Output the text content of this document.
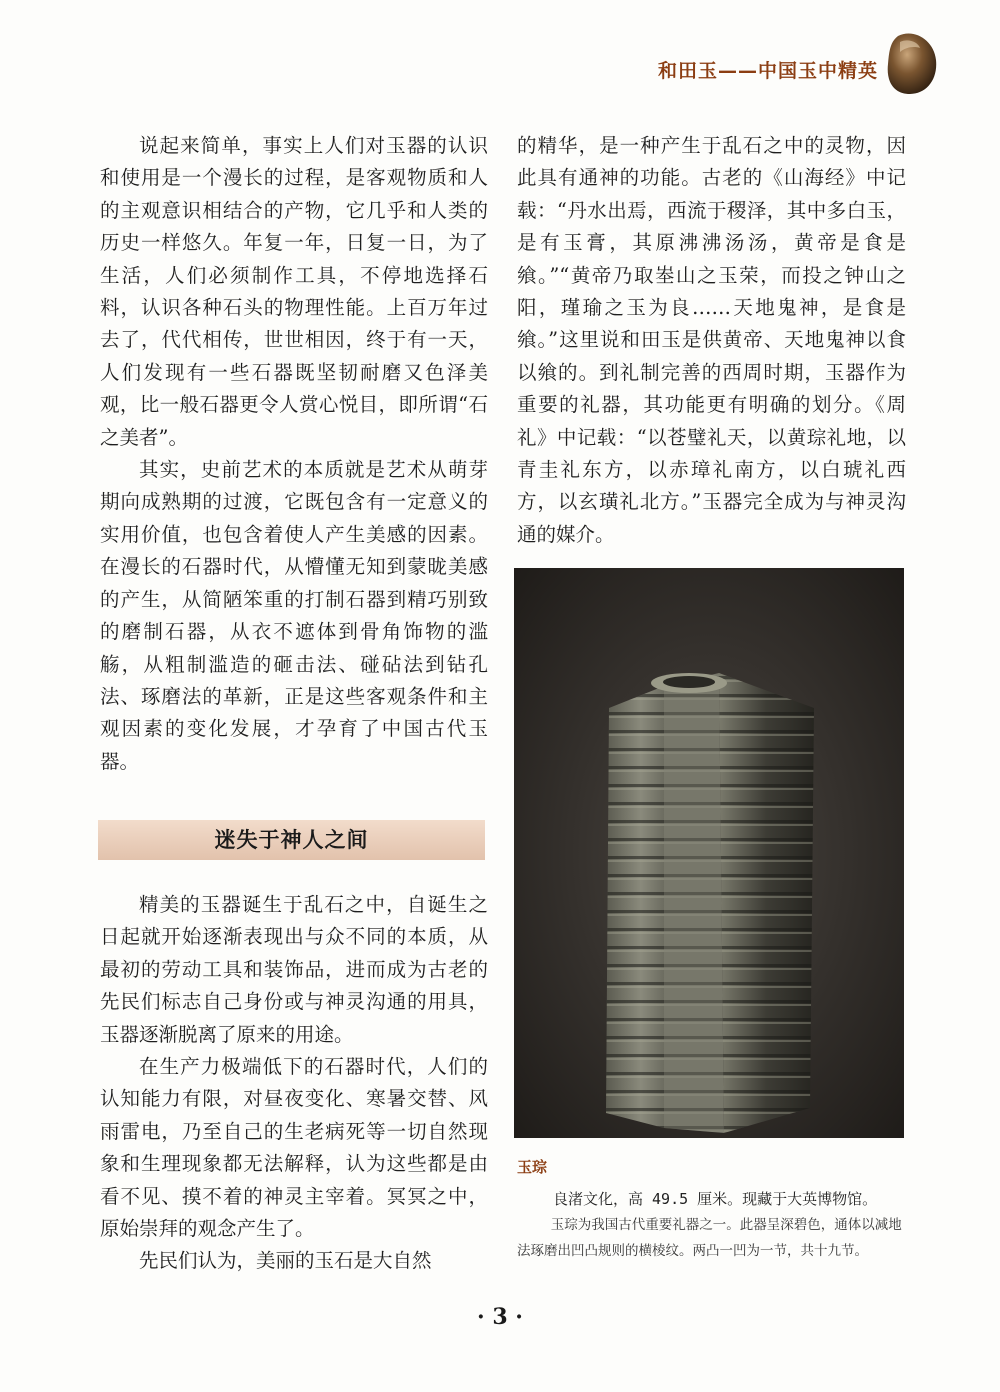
和田玉——中国玉中精英

说起来简单，事实上人们对玉器的认识和使用是一个漫长的过程，是客观物质和人的主观意识相结合的产物，它几乎和人类的历史一样悠久。年复一年，日复一日，为了生活，人们必须制作工具，不停地选择石料，认识各种石头的物理性能。上百万年过去了，代代相传，世世相因，终于有一天，人们发现有一些石器既坚韧耐磨又色泽美观，比一般石器更令人赏心悦目，即所谓“石之美者”。

其实，史前艺术的本质就是艺术从萌芽期向成熟期的过渡，它既包含有一定意义的实用价值，也包含着使人产生美感的因素。在漫长的石器时代，从懵懂无知到蒙昽美感的产生，从简陋笨重的打制石器到精巧别致的磨制石器，从衣不遮体到骨角饰物的滥觞，从粗制滥造的砸击法、碰砧法到钻孔法、琢磨法的革新，正是这些客观条件和主观因素的变化发展，才孕育了中国古代玉器。

迷失于神人之间

精美的玉器诞生于乱石之中，自诞生之日起就开始逐渐表现出与众不同的本质，从最初的劳动工具和装饰品，进而成为古老的先民们标志自己身份或与神灵沟通的用具，玉器逐渐脱离了原来的用途。

在生产力极端低下的石器时代，人们的认知能力有限，对昼夜变化、寒暑交替、风雨雷电，乃至自己的生老病死等一切自然现象和生理现象都无法解释，认为这些都是由看不见、摸不着的神灵主宰着。冥冥之中，原始崇拜的观念产生了。

先民们认为，美丽的玉石是大自然

的精华，是一种产生于乱石之中的灵物，因此具有通神的功能。古老的《山海经》中记载：“丹水出焉，西流于稷泽，其中多白玉，是有玉膏，其原沸沸汤汤，黄帝是食是飨。”“黄帝乃取峚山之玉荣，而投之钟山之阳，瑾瑜之玉为良……天地鬼神，是食是飨。”这里说和田玉是供黄帝、天地鬼神以食以飨的。到礼制完善的西周时期，玉器作为重要的礼器，其功能更有明确的划分。《周礼》中记载：“以苍璧礼天，以黄琮礼地，以青圭礼东方，以赤璋礼南方，以白琥礼西方，以玄璜礼北方。”玉器完全成为与神灵沟通的媒介。

玉琮

良渚文化，高 49.5 厘米。现藏于大英博物馆。

玉琮为我国古代重要礼器之一。此器呈深碧色，通体以减地法琢磨出凹凸规则的横棱纹。两凸一凹为一节，共十九节。

· 3 ·
